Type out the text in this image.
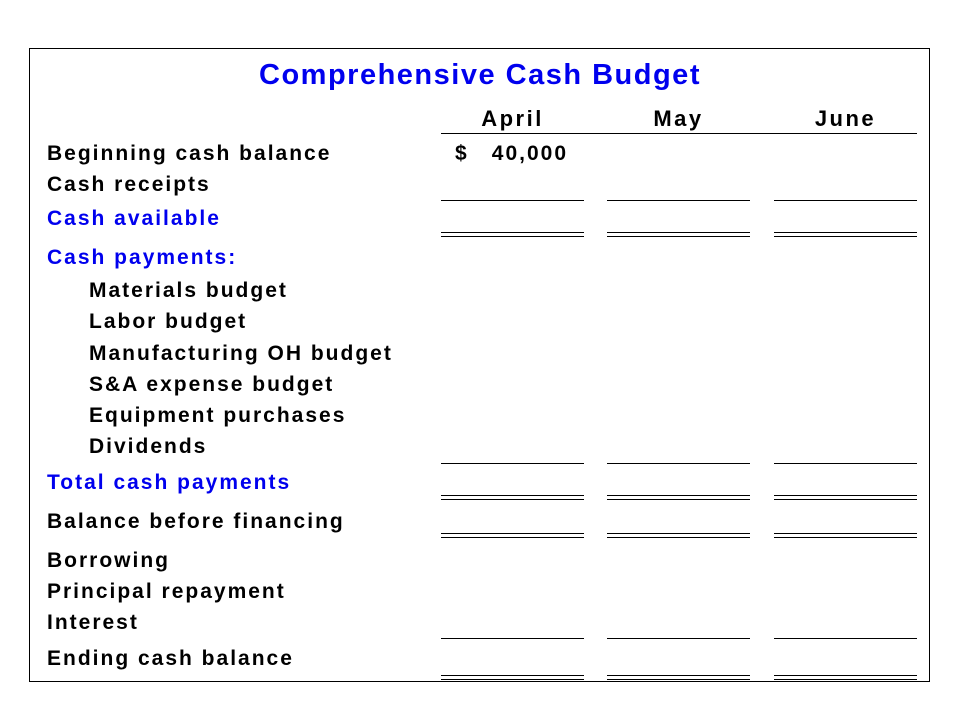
Comprehensive Cash Budget
April	May	June
Beginning cash balance	$ 40,000
Cash receipts
Cash available
Cash payments:
Materials budget
Labor budget
Manufacturing OH budget
S&A expense budget
Equipment purchases
Dividends
Total cash payments
Balance before financing
Borrowing
Principal repayment
Interest
Ending cash balance
